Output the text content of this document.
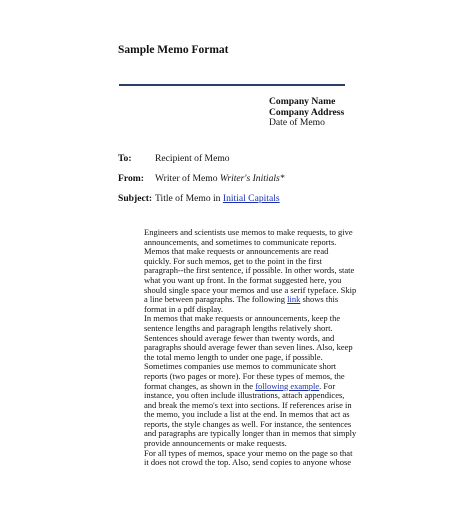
Sample Memo Format
Company Name
Company Address
Date of Memo
To: Recipient of Memo
From: Writer of Memo Writer's Initials*
Subject: Title of Memo in Initial Capitals
Engineers and scientists use memos to make requests, to give
announcements, and sometimes to communicate reports.
Memos that make requests or announcements are read
quickly. For such memos, get to the point in the first
paragraph--the first sentence, if possible. In other words, state
what you want up front. In the format suggested here, you
should single space your memos and use a serif typeface. Skip
a line between paragraphs. The following link shows this
format in a pdf display.
In memos that make requests or announcements, keep the
sentence lengths and paragraph lengths relatively short.
Sentences should average fewer than twenty words, and
paragraphs should average fewer than seven lines. Also, keep
the total memo length to under one page, if possible.
Sometimes companies use memos to communicate short
reports (two pages or more). For these types of memos, the
format changes, as shown in the following example. For
instance, you often include illustrations, attach appendices,
and break the memo's text into sections. If references arise in
the memo, you include a list at the end. In memos that act as
reports, the style changes as well. For instance, the sentences
and paragraphs are typically longer than in memos that simply
provide announcements or make requests.
For all types of memos, space your memo on the page so that
it does not crowd the top. Also, send copies to anyone whose
